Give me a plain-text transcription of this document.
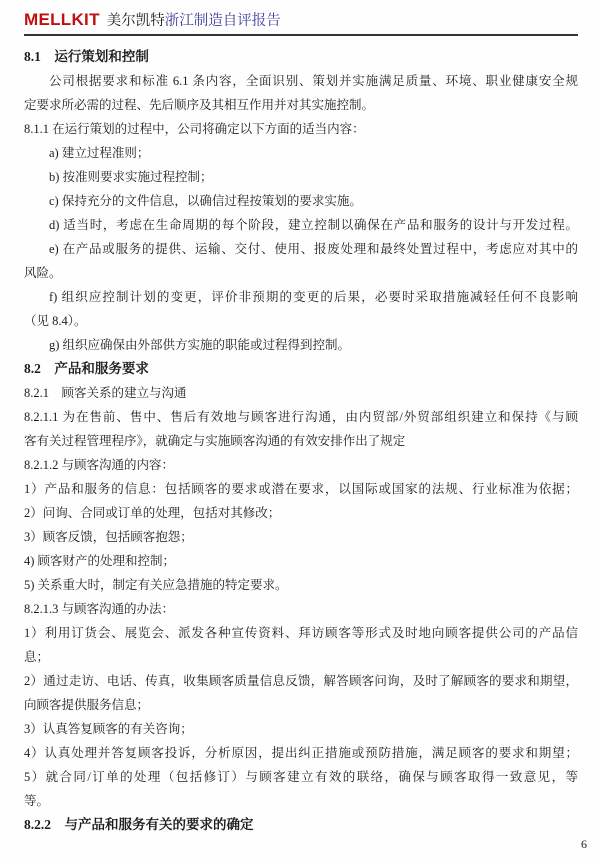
MELLKIT 美尔凯特 浙江制造自评报告
8.1　运行策划和控制
公司根据要求和标准 6.1 条内容，全面识别、策划并实施满足质量、环境、职业健康安全规
定要求所必需的过程、先后顺序及其相互作用并对其实施控制。
8.1.1 在运行策划的过程中，公司将确定以下方面的适当内容：
a) 建立过程准则；
b) 按准则要求实施过程控制；
c) 保持充分的文件信息，以确信过程按策划的要求实施。
d) 适当时，考虑在生命周期的每个阶段，建立控制以确保在产品和服务的设计与开发过程。
e) 在产品或服务的提供、运输、交付、使用、报废处理和最终处置过程中，考虑应对其中的
风险。
f) 组织应控制计划的变更，评价非预期的变更的后果，必要时采取措施减轻任何不良影响
（见 8.4）。
g) 组织应确保由外部供方实施的职能或过程得到控制。
8.2　产品和服务要求
8.2.1　顾客关系的建立与沟通
8.2.1.1 为在售前、售中、售后有效地与顾客进行沟通，由内贸部/外贸部组织建立和保持《与顾
客有关过程管理程序》，就确定与实施顾客沟通的有效安排作出了规定
8.2.1.2 与顾客沟通的内容：
1）产品和服务的信息：包括顾客的要求或潜在要求，以国际或国家的法规、行业标准为依据；
2）问询、合同或订单的处理，包括对其修改；
3）顾客反馈，包括顾客抱怨；
4) 顾客财产的处理和控制；
5) 关系重大时，制定有关应急措施的特定要求。
8.2.1.3 与顾客沟通的办法：
1）利用订货会、展览会、派发各种宣传资料、拜访顾客等形式及时地向顾客提供公司的产品信
息；
2）通过走访、电话、传真，收集顾客质量信息反馈，解答顾客问询，及时了解顾客的要求和期望，
向顾客提供服务信息；
3）认真答复顾客的有关咨询；
4）认真处理并答复顾客投诉，分析原因，提出纠正措施或预防措施，满足顾客的要求和期望；
5）就合同/订单的处理（包括修订）与顾客建立有效的联络，确保与顾客取得一致意见，等
等。
8.2.2　与产品和服务有关的要求的确定
6
